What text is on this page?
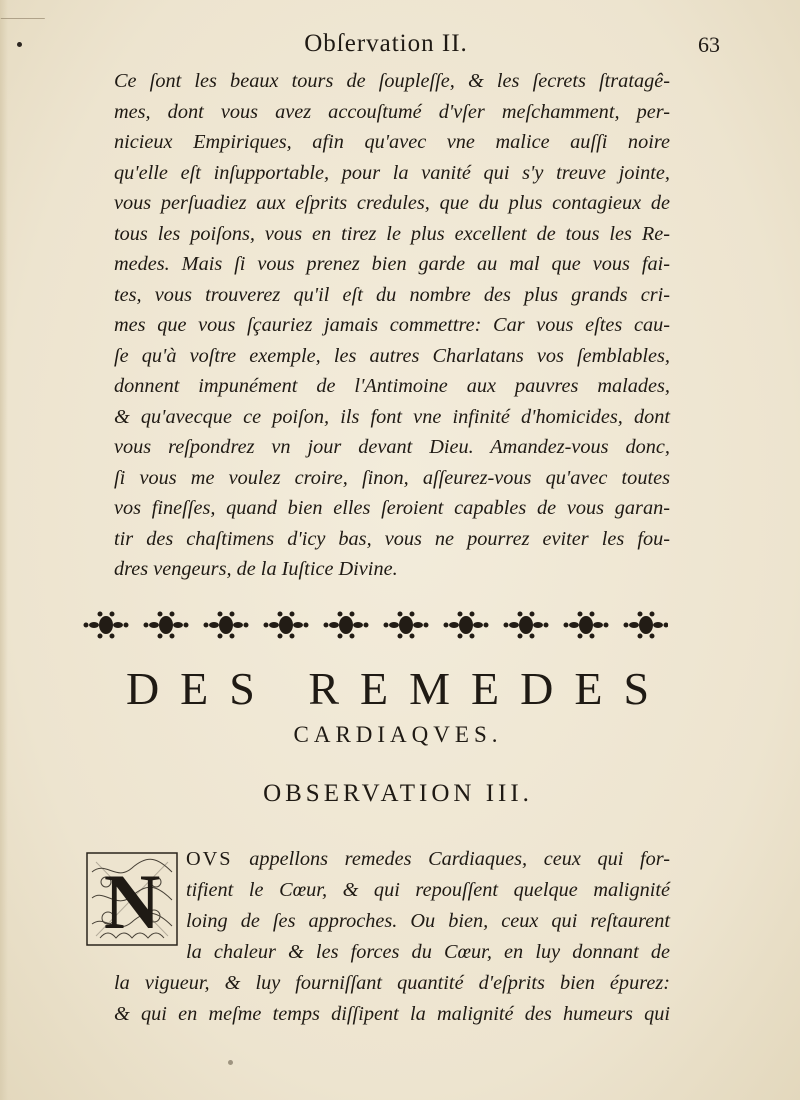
Obſervation II.	63

Ce ſont les beaux tours de ſoupleſſe, & les ſecrets ſtratagê-

mes, dont vous avez accouſtumé d'vſer meſchamment, per-

nicieux Empiriques, afin qu'avec vne malice auſſi noire

qu'elle eſt inſupportable, pour la vanité qui s'y treuve jointe,

vous perſuadiez aux eſprits credules, que du plus contagieux de

tous les poiſons, vous en tirez le plus excellent de tous les Re-

medes. Mais ſi vous prenez bien garde au mal que vous fai-

tes, vous trouverez qu'il eſt du nombre des plus grands cri-

mes que vous ſçauriez jamais commettre: Car vous eſtes cau-

ſe qu'à voſtre exemple, les autres Charlatans vos ſemblables,

donnent impunément de l'Antimoine aux pauvres malades,

& qu'avecque ce poiſon, ils font vne infinité d'homicides, dont

vous reſpondrez vn jour devant Dieu. Amandez-vous donc,

ſi vous me voulez croire, ſinon, aſſeurez-vous qu'avec toutes

vos fineſſes, quand bien elles ſeroient capables de vous garan-

tir des chaſtimens d'icy bas, vous ne pourrez eviter les fou-

dres vengeurs, de la Iuſtice Divine.

DES REMEDES
CARDIAQVES.
OBSERVATION III.
N OVS appellons remedes Cardiaques, ceux qui for-
tifient le Cœur, & qui repouſſent quelque malignité
loing de ſes approches. Ou bien, ceux qui reſtaurent
la chaleur & les forces du Cœur, en luy donnant de
la vigueur, & luy fourniſſant quantité d'eſprits bien épurez:
& qui en meſme temps diſſipent la malignité des humeurs qui
